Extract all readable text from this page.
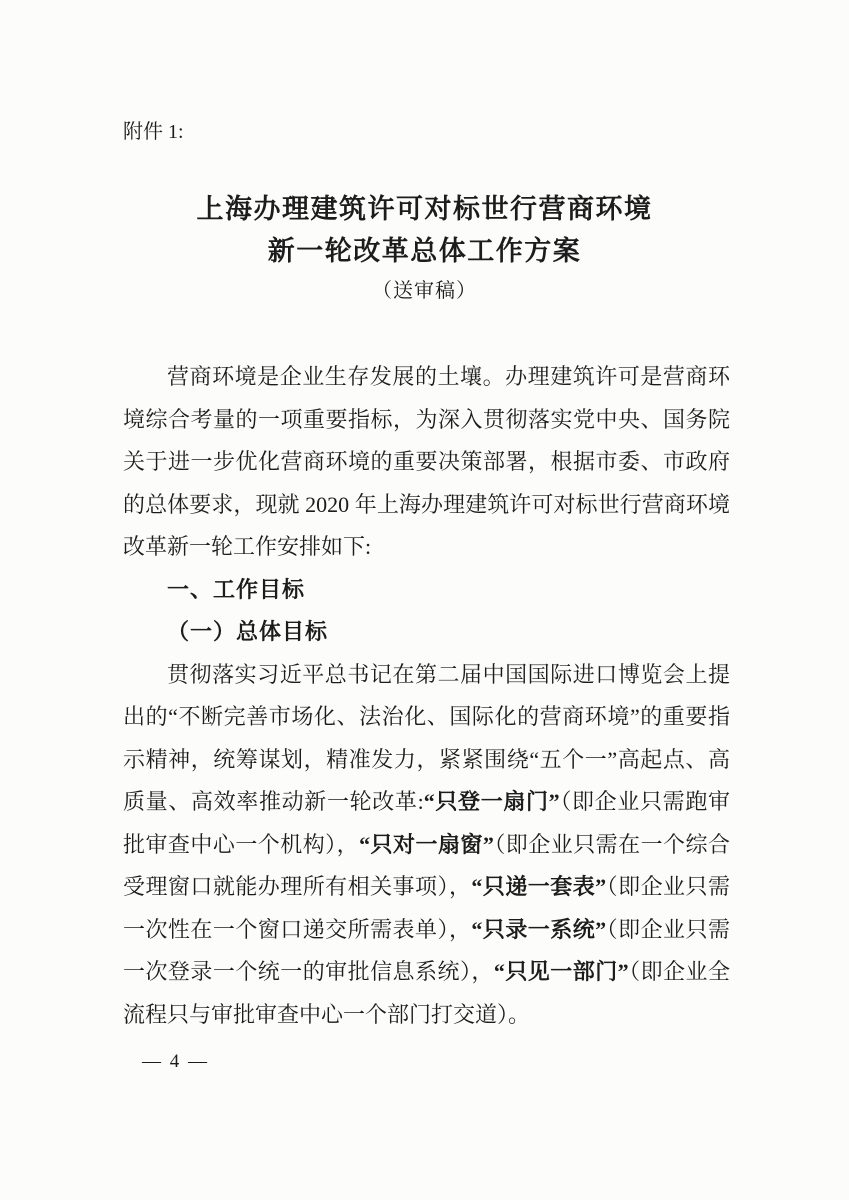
附件 1:
上海办理建筑许可对标世行营商环境
新一轮改革总体工作方案
（送审稿）

营商环境是企业生存发展的土壤。办理建筑许可是营商环境综合考量的一项重要指标，为深入贯彻落实党中央、国务院关于进一步优化营商环境的重要决策部署，根据市委、市政府的总体要求，现就 2020 年上海办理建筑许可对标世行营商环境改革新一轮工作安排如下:

一、工作目标
（一）总体目标

贯彻落实习近平总书记在第二届中国国际进口博览会上提出的“不断完善市场化、法治化、国际化的营商环境”的重要指示精神，统筹谋划，精准发力，紧紧围绕“五个一”高起点、高质量、高效率推动新一轮改革:“只登一扇门”（即企业只需跑审批审查中心一个机构），“只对一扇窗”（即企业只需在一个综合受理窗口就能办理所有相关事项），“只递一套表”（即企业只需一次性在一个窗口递交所需表单），“只录一系统”（即企业只需一次登录一个统一的审批信息系统），“只见一部门”（即企业全流程只与审批审查中心一个部门打交道）。

— 4 —
